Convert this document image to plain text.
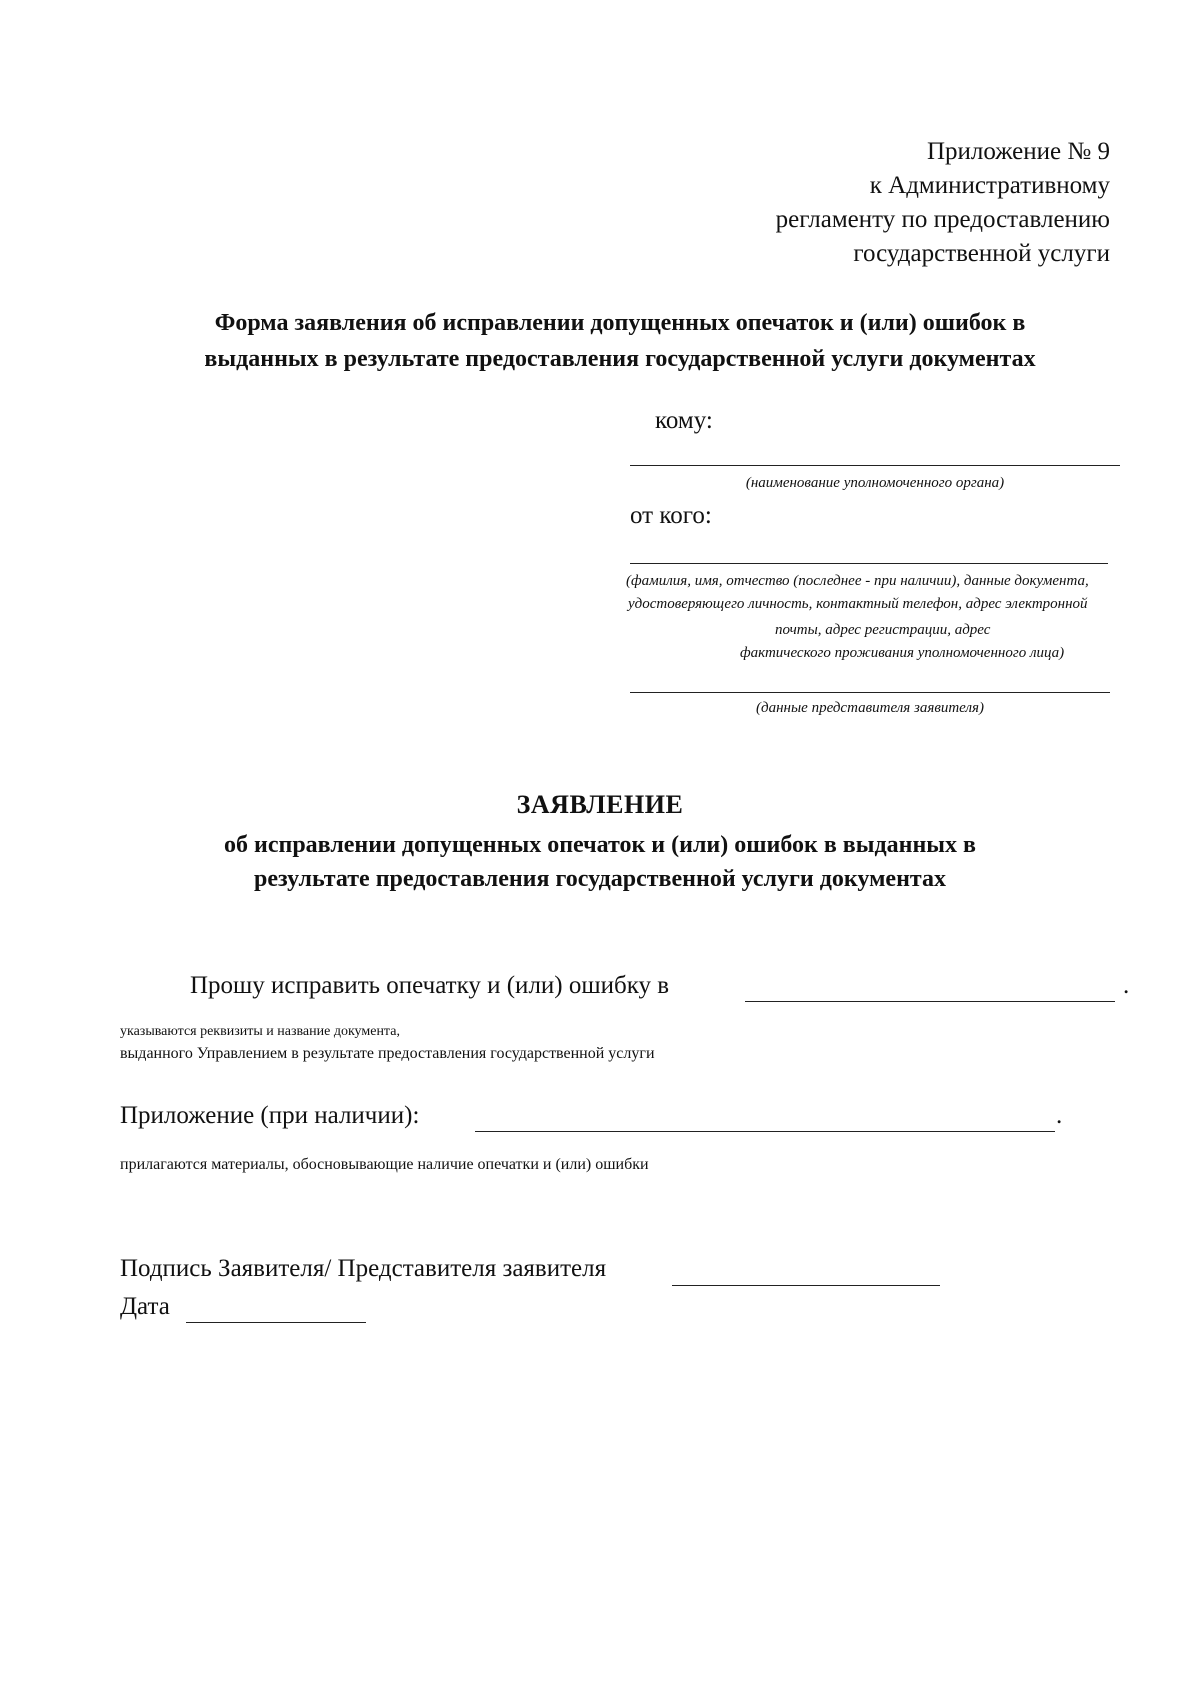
Приложение № 9
к Административному
регламенту по предоставлению
государственной услуги
Форма заявления об исправлении допущенных опечаток и (или) ошибок в
выданных в результате предоставления государственной услуги документах
кому:
(наименование уполномоченного органа)
от кого:
(фамилия, имя, отчество (последнее - при наличии), данные документа,
удостоверяющего личность, контактный телефон, адрес электронной
почты, адрес регистрации, адрес
фактического проживания уполномоченного лица)
(данные представителя заявителя)
ЗАЯВЛЕНИЕ
об исправлении допущенных опечаток и (или) ошибок в выданных в
результате предоставления государственной услуги документах
Прошу исправить опечатку и (или) ошибку в	.
указываются реквизиты и название документа,
выданного Управлением в результате предоставления государственной услуги
Приложение (при наличии):	.
прилагаются материалы, обосновывающие наличие опечатки и (или) ошибки
Подпись Заявителя/ Представителя заявителя
Дата
